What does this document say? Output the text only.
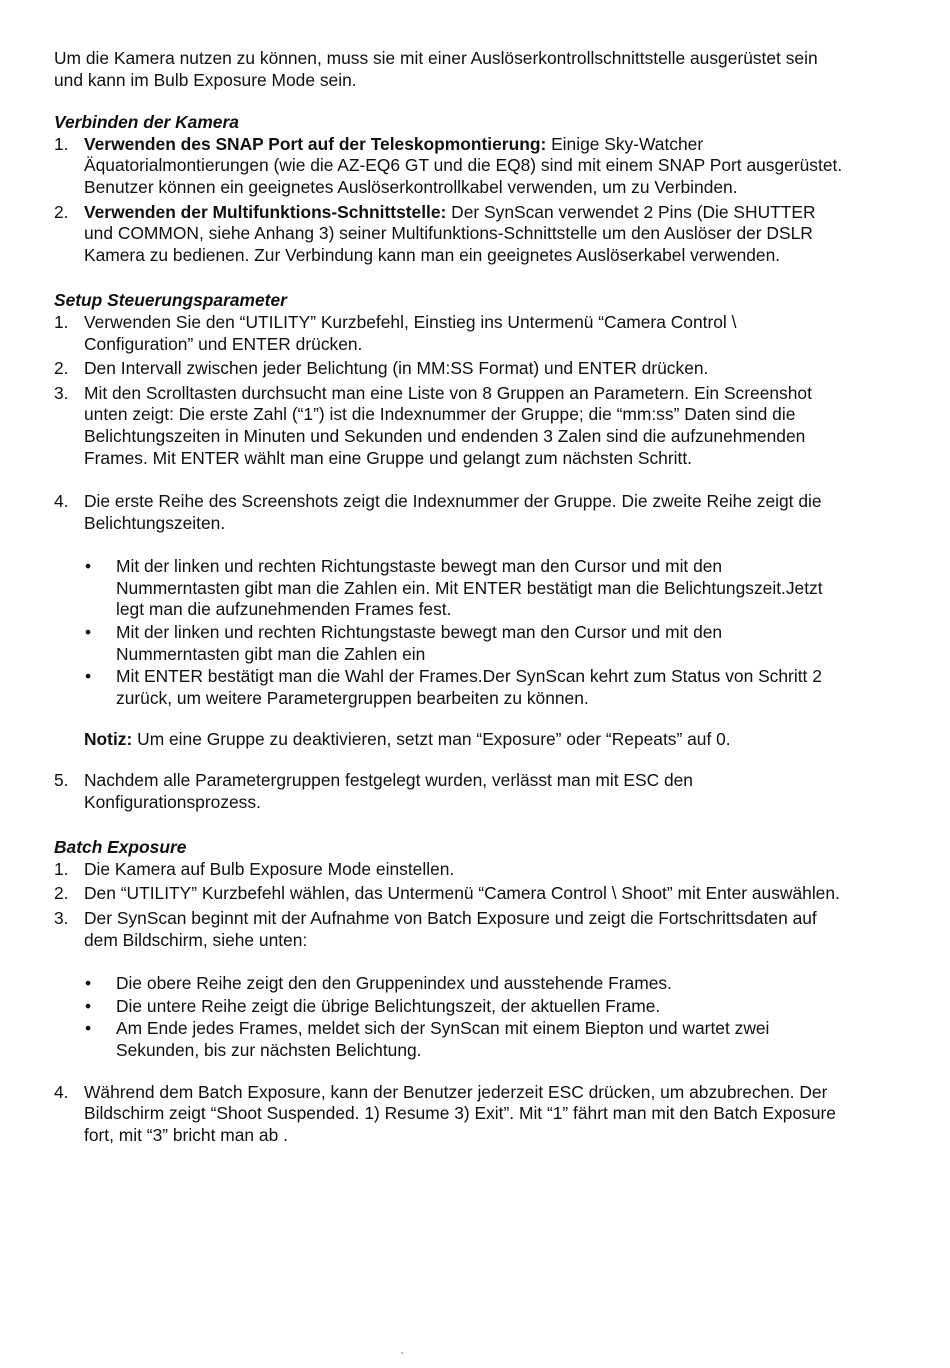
Um die Kamera nutzen zu können, muss sie mit einer Auslöserkontrollschnittstelle ausgerüstet sein und kann im Bulb Exposure Mode sein.

Verbinden der Kamera

1. Verwenden des SNAP Port auf der Teleskopmontierung: Einige Sky-Watcher Äquatorialmontierungen (wie die AZ-EQ6 GT und die EQ8) sind mit einem SNAP Port ausgerüstet. Benutzer können ein geeignetes Auslöserkontrollkabel verwenden, um zu Verbinden.
2. Verwenden der Multifunktions-Schnittstelle: Der SynScan verwendet 2 Pins (Die SHUTTER und COMMON, siehe Anhang 3) seiner Multifunktions-Schnittstelle um den Auslöser der DSLR Kamera zu bedienen. Zur Verbindung kann man ein geeignetes Auslöserkabel verwenden.

Setup Steuerungsparameter

1. Verwenden Sie den “UTILITY” Kurzbefehl, Einstieg ins Untermenü “Camera Control \ Configuration” und ENTER drücken.
2. Den Intervall zwischen jeder Belichtung (in MM:SS Format) und ENTER drücken.
3. Mit den Scrolltasten durchsucht man eine Liste von 8 Gruppen an Parametern. Ein Screenshot unten zeigt: Die erste Zahl (“1”) ist die Indexnummer der Gruppe; die “mm:ss” Daten sind die Belichtungszeiten in Minuten und Sekunden und endenden 3 Zalen sind die aufzunehmenden Frames. Mit ENTER wählt man eine Gruppe und gelangt zum nächsten Schritt.
4. Die erste Reihe des Screenshots zeigt die Indexnummer der Gruppe. Die zweite Reihe zeigt die Belichtungszeiten.
• Mit der linken und rechten Richtungstaste bewegt man den Cursor und mit den Nummerntasten gibt man die Zahlen ein. Mit ENTER bestätigt man die Belichtungszeit.Jetzt legt man die aufzunehmenden Frames fest.
• Mit der linken und rechten Richtungstaste bewegt man den Cursor und mit den Nummerntasten gibt man die Zahlen ein
• Mit ENTER bestätigt man die Wahl der Frames.Der SynScan kehrt zum Status von Schritt 2 zurück, um weitere Parametergruppen bearbeiten zu können.

Notiz: Um eine Gruppe zu deaktivieren, setzt man “Exposure” oder “Repeats” auf 0.

5. Nachdem alle Parametergruppen festgelegt wurden, verlässt man mit ESC den Konfigurationsprozess.

Batch Exposure

1. Die Kamera auf Bulb Exposure Mode einstellen.
2. Den “UTILITY” Kurzbefehl wählen, das Untermenü “Camera Control \ Shoot” mit Enter auswählen.
3. Der SynScan beginnt mit der Aufnahme von Batch Exposure und zeigt die Fortschrittsdaten auf dem Bildschirm, siehe unten:
• Die obere Reihe zeigt den den Gruppenindex und ausstehende Frames.
• Die untere Reihe zeigt die übrige Belichtungszeit, der aktuellen Frame.
• Am Ende jedes Frames, meldet sich der SynScan mit einem Biepton und wartet zwei Sekunden, bis zur nächsten Belichtung.
4. Während dem Batch Exposure, kann der Benutzer jederzeit ESC drücken, um abzubrechen. Der Bildschirm zeigt “Shoot Suspended. 1) Resume 3) Exit”. Mit “1” fährt man mit den Batch Exposure fort, mit “3” bricht man ab .
